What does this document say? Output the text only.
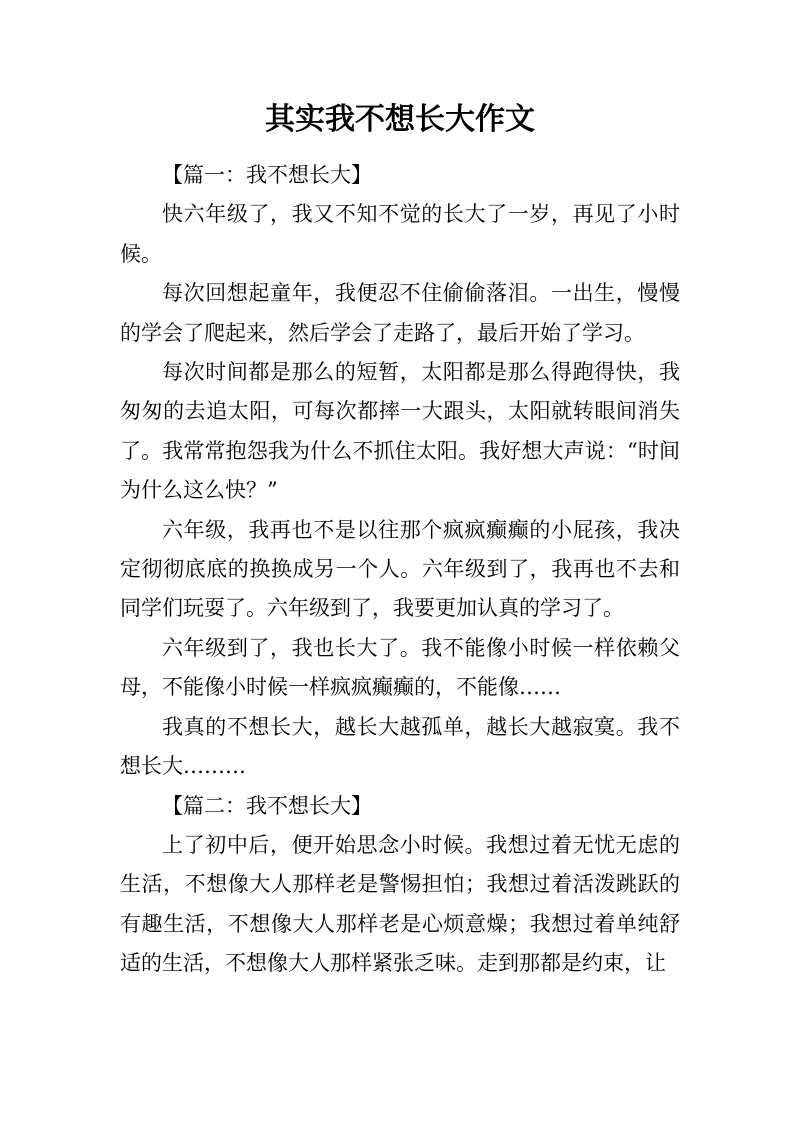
其实我不想长大作文

【篇一：我不想长大】

快六年级了，我又不知不觉的长大了一岁，再见了小时候。

每次回想起童年，我便忍不住偷偷落泪。一出生，慢慢的学会了爬起来，然后学会了走路了，最后开始了学习。

每次时间都是那么的短暂，太阳都是那么得跑得快，我匆匆的去追太阳，可每次都摔一大跟头，太阳就转眼间消失了。我常常抱怨我为什么不抓住太阳。我好想大声说：“时间为什么这么快？”

六年级，我再也不是以往那个疯疯癫癫的小屁孩，我决定彻彻底底的换换成另一个人。六年级到了，我再也不去和同学们玩耍了。六年级到了，我要更加认真的学习了。

六年级到了，我也长大了。我不能像小时候一样依赖父母，不能像小时候一样疯疯癫癫的，不能像……

我真的不想长大，越长大越孤单，越长大越寂寞。我不想长大………

【篇二：我不想长大】

上了初中后，便开始思念小时候。我想过着无忧无虑的生活，不想像大人那样老是警惕担怕；我想过着活泼跳跃的有趣生活，不想像大人那样老是心烦意燥；我想过着单纯舒适的生活，不想像大人那样紧张乏味。走到那都是约束，让
